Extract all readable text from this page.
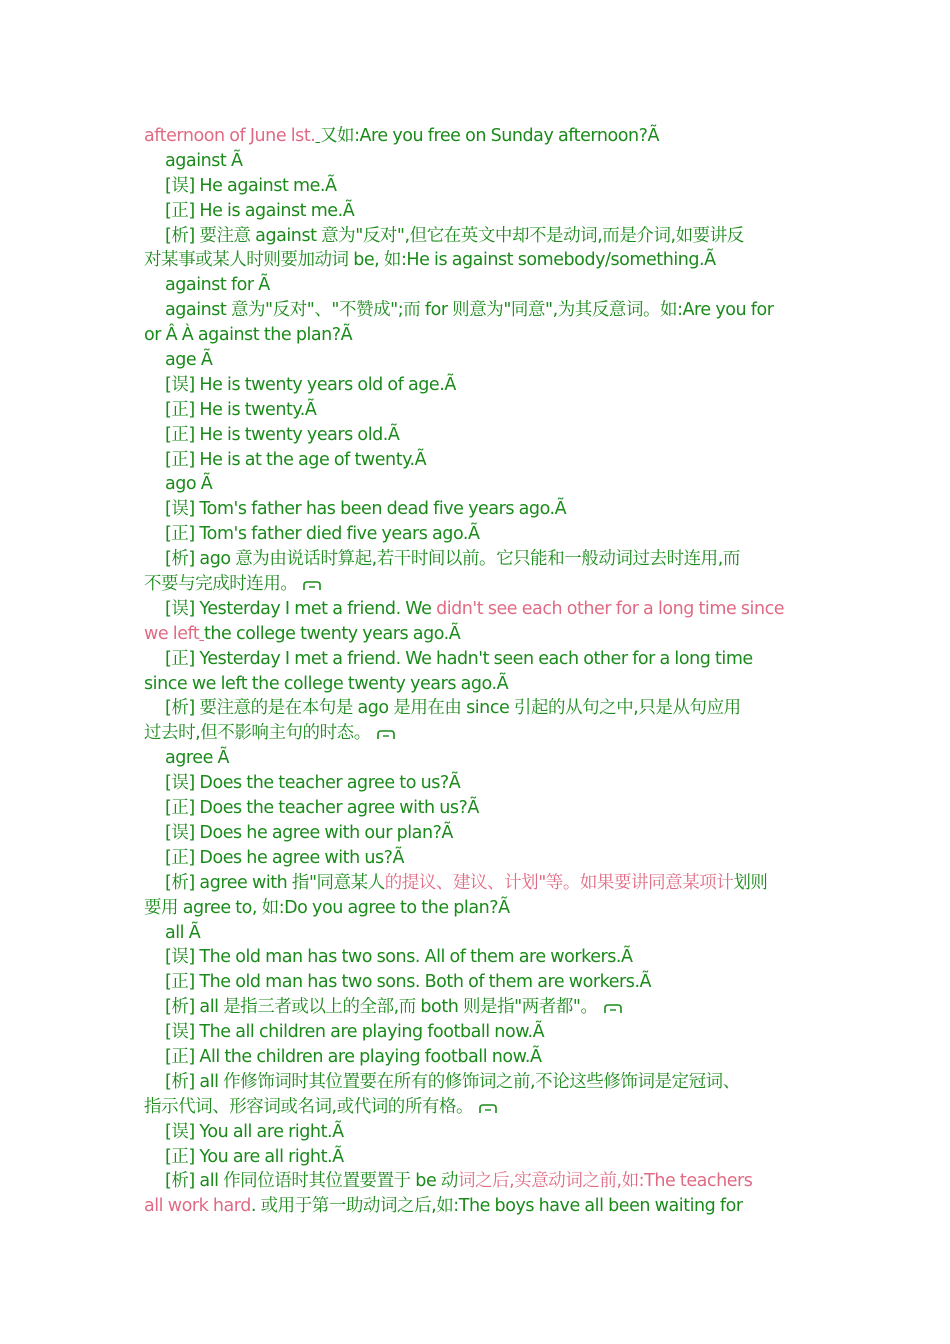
afternoon of June lst. 又如:Are you free on Sunday afternoon?Ã
against Ã
[误] He against me.Ã
[正] He is against me.Ã
[析] 要注意 against 意为"反对",但它在英文中却不是动词,而是介词,如要讲反
对某事或某人时则要加动词 be, 如:He is against somebody/something.Ã
against for Ã
against 意为"反对"、"不赞成";而 for 则意为"同意",为其反意词。如:Are you for
or Â À against the plan?Ã
age Ã
[误] He is twenty years old of age.Ã
[正] He is twenty.Ã
[正] He is twenty years old.Ã
[正] He is at the age of twenty.Ã
ago Ã
[误] Tom's father has been dead five years ago.Ã
[正] Tom's father died five years ago.Ã
[析] ago 意为由说话时算起,若干时间以前。它只能和一般动词过去时连用,而
不要与完成时连用。
[误] Yesterday I met a friend. We didn't see each other for a long time since
we left the college twenty years ago.Ã
[正] Yesterday I met a friend. We hadn't seen each other for a long time
since we left the college twenty years ago.Ã
[析] 要注意的是在本句是 ago 是用在由 since 引起的从句之中,只是从句应用
过去时,但不影响主句的时态。
agree Ã
[误] Does the teacher agree to us?Ã
[正] Does the teacher agree with us?Ã
[误] Does he agree with our plan?Ã
[正] Does he agree with us?Ã
[析] agree with 指"同意某人的提议、建议、计划"等。如果要讲同意某项计划则
要用 agree to, 如:Do you agree to the plan?Ã
all Ã
[误] The old man has two sons. All of them are workers.Ã
[正] The old man has two sons. Both of them are workers.Ã
[析] all 是指三者或以上的全部,而 both 则是指"两者都"。
[误] The all children are playing football now.Ã
[正] All the children are playing football now.Ã
[析] all 作修饰词时其位置要在所有的修饰词之前,不论这些修饰词是定冠词、
指示代词、形容词或名词,或代词的所有格。
[误] You all are right.Ã
[正] You are all right.Ã
[析] all 作同位语时其位置要置于 be 动词之后,实意动词之前,如:The teachers
all work hard. 或用于第一助动词之后,如:The boys have all been waiting for
